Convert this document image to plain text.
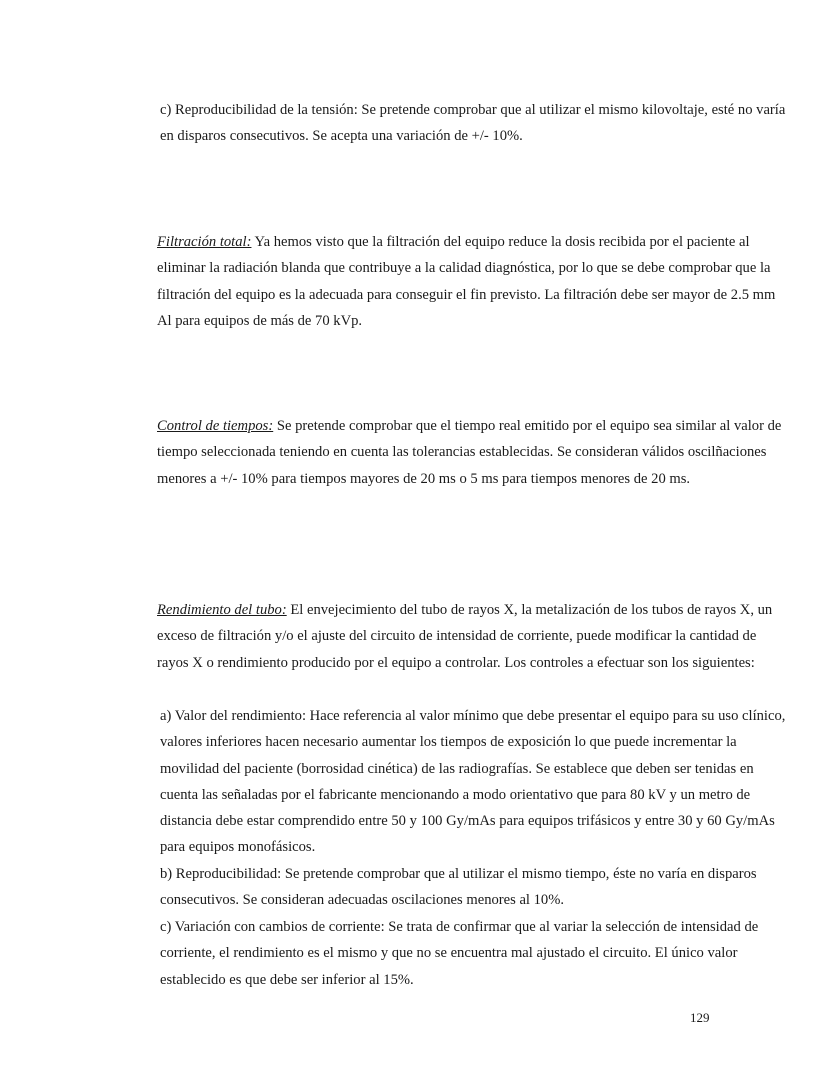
c) Reproducibilidad de la tensión: Se pretende comprobar que al utilizar el mismo kilovoltaje, esté no varía en disparos consecutivos. Se acepta una variación de +/- 10%.

Filtración total: Ya hemos visto que la filtración del equipo reduce la dosis recibida por el paciente al eliminar la radiación blanda que contribuye a la calidad diagnóstica, por lo que se debe comprobar que la filtración del equipo es la adecuada para conseguir el fin previsto. La filtración debe ser mayor de 2.5 mm Al para equipos de más de 70 kVp.

Control de tiempos: Se pretende comprobar que el tiempo real emitido por el equipo sea similar al valor de tiempo seleccionada teniendo en cuenta las tolerancias establecidas. Se consideran válidos oscilñaciones menores a +/- 10% para tiempos mayores de 20 ms o 5 ms para tiempos menores de 20 ms.

Rendimiento del tubo: El envejecimiento del tubo de rayos X, la metalización de los tubos de rayos X, un exceso de filtración y/o el ajuste del circuito de intensidad de corriente, puede modificar la cantidad de rayos X o rendimiento producido por el equipo a controlar. Los controles a efectuar son los siguientes:

a) Valor del rendimiento: Hace referencia al valor mínimo que debe presentar el equipo para su uso clínico, valores inferiores hacen necesario aumentar los tiempos de exposición lo que puede incrementar la movilidad del paciente (borrosidad cinética) de las radiografías. Se establece que deben ser tenidas en cuenta las señaladas por el fabricante mencionando a modo orientativo que para 80 kV y un metro de distancia debe estar comprendido entre 50 y 100 Gy/mAs para equipos trifásicos y entre 30 y 60 Gy/mAs para equipos monofásicos.

b) Reproducibilidad: Se pretende comprobar que al utilizar el mismo tiempo, éste no varía en disparos consecutivos. Se consideran adecuadas oscilaciones menores al 10%.

c) Variación con cambios de corriente: Se trata de confirmar que al variar la selección de intensidad de corriente, el rendimiento es el mismo y que no se encuentra mal ajustado el circuito. El único valor establecido es que debe ser inferior al 15%.

129
